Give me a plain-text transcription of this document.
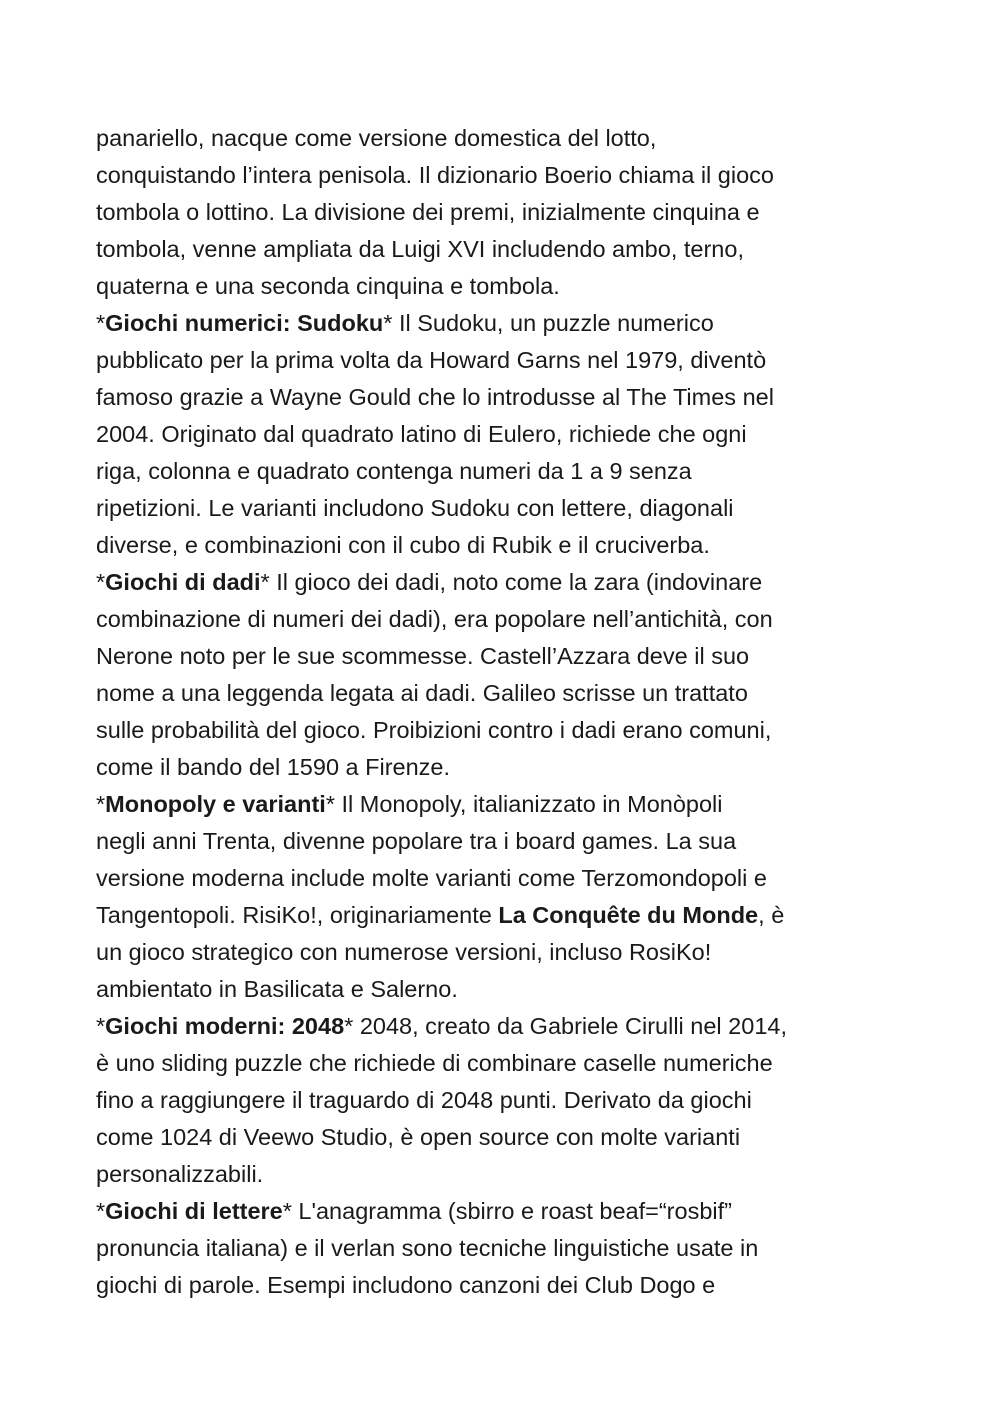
panariello, nacque come versione domestica del lotto,
conquistando l’intera penisola. Il dizionario Boerio chiama il gioco
tombola o lottino. La divisione dei premi, inizialmente cinquina e
tombola, venne ampliata da Luigi XVI includendo ambo, terno,
quaterna e una seconda cinquina e tombola.
*Giochi numerici: Sudoku* Il Sudoku, un puzzle numerico
pubblicato per la prima volta da Howard Garns nel 1979, diventò
famoso grazie a Wayne Gould che lo introdusse al The Times nel
2004. Originato dal quadrato latino di Eulero, richiede che ogni
riga, colonna e quadrato contenga numeri da 1 a 9 senza
ripetizioni. Le varianti includono Sudoku con lettere, diagonali
diverse, e combinazioni con il cubo di Rubik e il cruciverba.
*Giochi di dadi* Il gioco dei dadi, noto come la zara (indovinare
combinazione di numeri dei dadi), era popolare nell’antichità, con
Nerone noto per le sue scommesse. Castell’Azzara deve il suo
nome a una leggenda legata ai dadi. Galileo scrisse un trattato
sulle probabilità del gioco. Proibizioni contro i dadi erano comuni,
come il bando del 1590 a Firenze.
*Monopoly e varianti* Il Monopoly, italianizzato in Monòpoli
negli anni Trenta, divenne popolare tra i board games. La sua
versione moderna include molte varianti come Terzomondopoli e
Tangentopoli. RisiKo!, originariamente La Conquête du Monde, è
un gioco strategico con numerose versioni, incluso RosiKo!
ambientato in Basilicata e Salerno.
*Giochi moderni: 2048* 2048, creato da Gabriele Cirulli nel 2014,
è uno sliding puzzle che richiede di combinare caselle numeriche
fino a raggiungere il traguardo di 2048 punti. Derivato da giochi
come 1024 di Veewo Studio, è open source con molte varianti
personalizzabili.
*Giochi di lettere* L'anagramma (sbirro e roast beaf=“rosbif”
pronuncia italiana) e il verlan sono tecniche linguistiche usate in
giochi di parole. Esempi includono canzoni dei Club Dogo e
